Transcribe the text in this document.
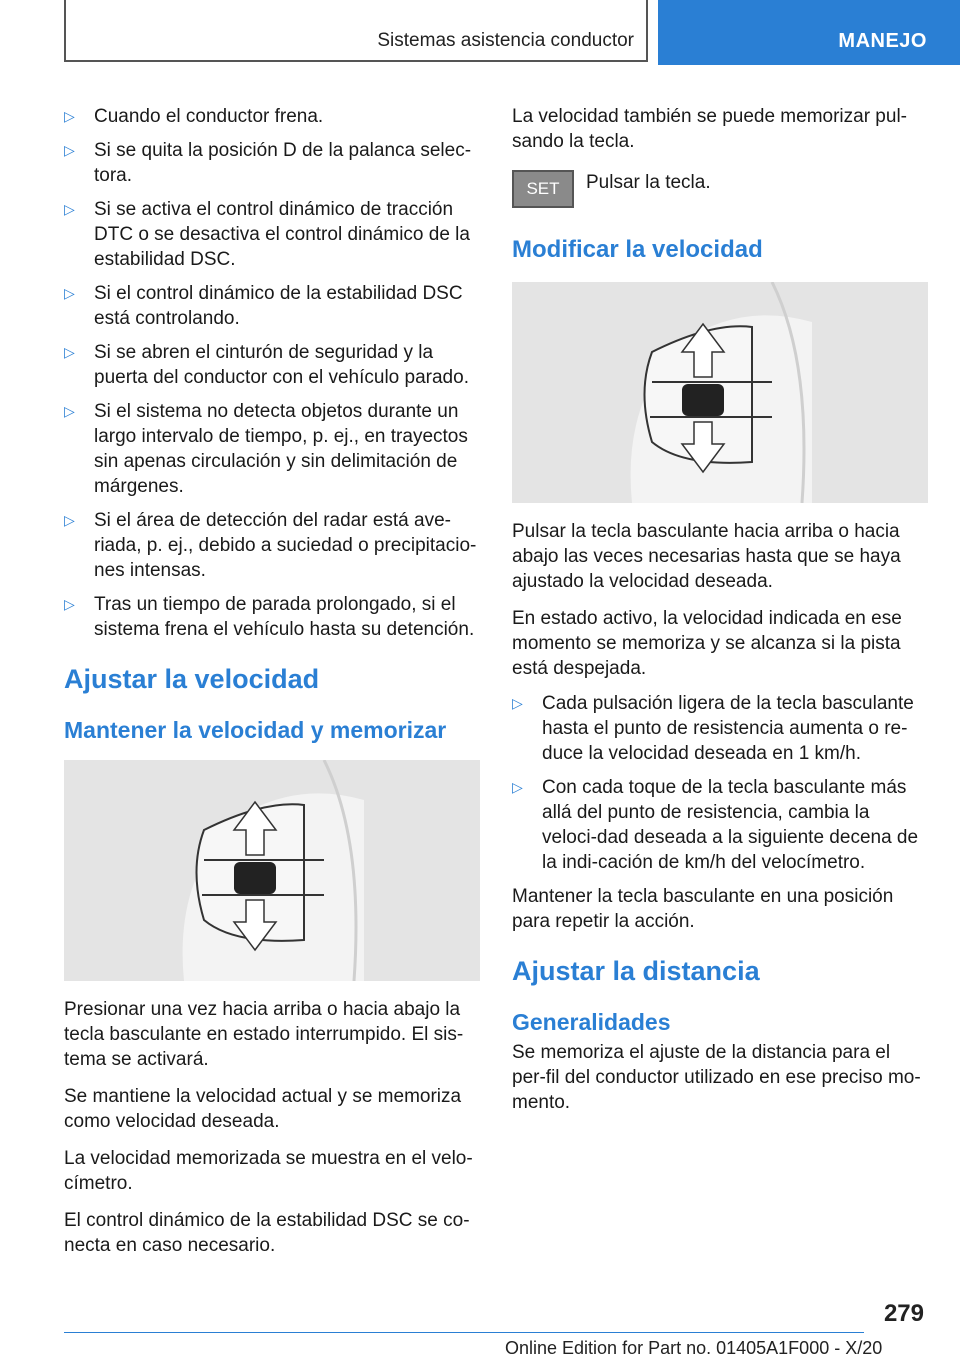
Sistemas asistencia conductor	MANEJO
▷ Cuando el conductor frena.
▷ Si se quita la posición D de la palanca selec-tora.
▷ Si se activa el control dinámico de tracción DTC o se desactiva el control dinámico de la estabilidad DSC.
▷ Si el control dinámico de la estabilidad DSC está controlando.
▷ Si se abren el cinturón de seguridad y la puerta del conductor con el vehículo parado.
▷ Si el sistema no detecta objetos durante un largo intervalo de tiempo, p. ej., en trayectos sin apenas circulación y sin delimitación de márgenes.
▷ Si el área de detección del radar está ave-riada, p. ej., debido a suciedad o precipitacio-nes intensas.
▷ Tras un tiempo de parada prolongado, si el sistema frena el vehículo hasta su detención.
Ajustar la velocidad
Mantener la velocidad y memorizar

Presionar una vez hacia arriba o hacia abajo la tecla basculante en estado interrumpido. El sis-tema se activará.

Se mantiene la velocidad actual y se memoriza como velocidad deseada.

La velocidad memorizada se muestra en el velo-címetro.

El control dinámico de la estabilidad DSC se co-necta en caso necesario.

La velocidad también se puede memorizar pul-sando la tecla.

SET	Pulsar la tecla.

Modificar la velocidad

Pulsar la tecla basculante hacia arriba o hacia abajo las veces necesarias hasta que se haya ajustado la velocidad deseada.

En estado activo, la velocidad indicada en ese momento se memoriza y se alcanza si la pista está despejada.

▷ Cada pulsación ligera de la tecla basculante hasta el punto de resistencia aumenta o re-duce la velocidad deseada en 1 km/h.
▷ Con cada toque de la tecla basculante más allá del punto de resistencia, cambia la veloci-dad deseada a la siguiente decena de la indi-cación de km/h del velocímetro.

Mantener la tecla basculante en una posición para repetir la acción.

Ajustar la distancia
Generalidades

Se memoriza el ajuste de la distancia para el per-fil del conductor utilizado en ese preciso mo-mento.

279
Online Edition for Part no. 01405A1F000 - X/20
